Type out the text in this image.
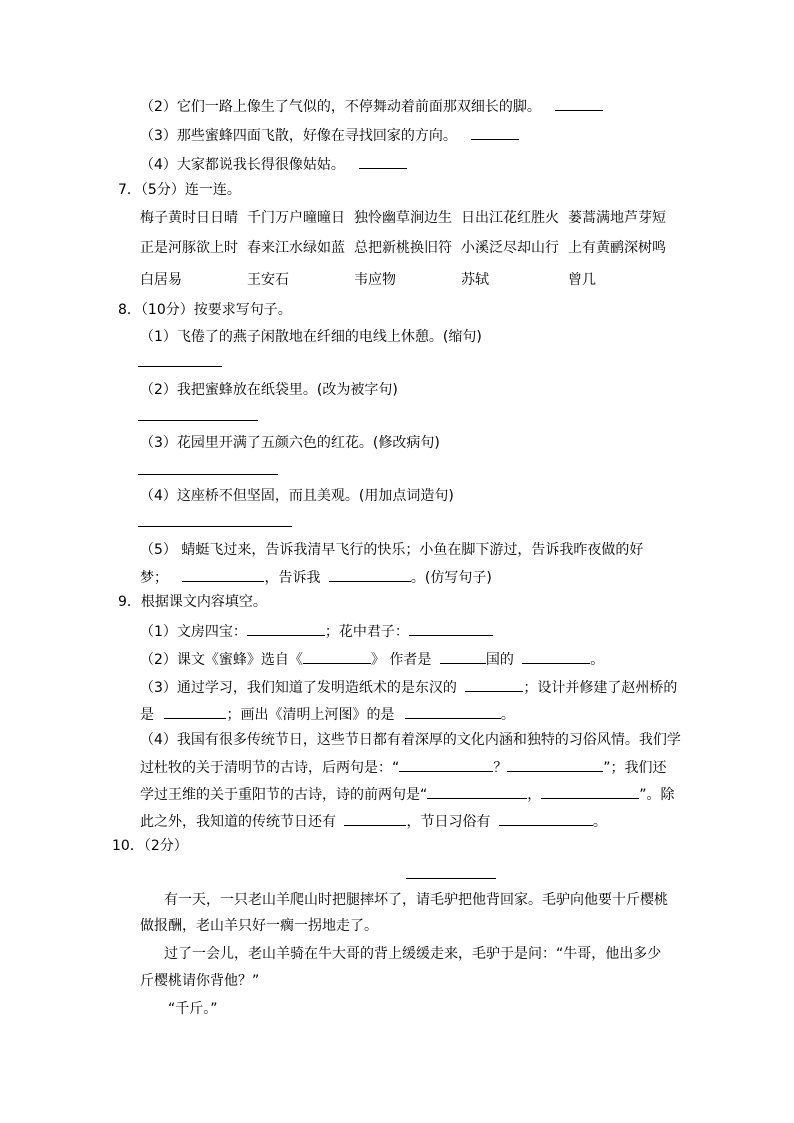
（2）它们一路上像生了气似的，不停舞动着前面那双细长的脚。
（3）那些蜜蜂四面飞散，好像在寻找回家的方向。
（4）大家都说我长得很像姑姑。
7．（5分）连一连。
梅子黄时日日晴 千门万户曈曈日 独怜幽草涧边生 日出江花红胜火 蒌蒿满地芦芽短
正是河豚欲上时 春来江水绿如蓝 总把新桃换旧符 小溪泛尽却山行 上有黄鹂深树鸣
白居易	王安石	韦应物	苏轼	曾几
8．（10分）按要求写句子。
（1）飞倦了的燕子闲散地在纤细的电线上休憩。(缩句)
（2）我把蜜蜂放在纸袋里。(改为被字句)
（3）花园里开满了五颜六色的红花。(修改病句)
（4）这座桥不但坚固，而且美观。(用加点词造句)
（5） 蜻蜓飞过来，告诉我清早飞行的快乐；小鱼在脚下游过，告诉我昨夜做的好
梦；	，告诉我	。(仿写句子)
9．根据课文内容填空。
（1）文房四宝：	；花中君子：
（2）课文《蜜蜂》选自《	》 作者是	国的	。
（3）通过学习，我们知道了发明造纸术的是东汉的	；设计并修建了赵州桥的
是	；画出《清明上河图》的是	。
（4）我国有很多传统节日，这些节日都有着深厚的文化内涵和独特的习俗风情。我们学
过杜牧的关于清明节的古诗，后两句是：“	？	”；我们还
学过王维的关于重阳节的古诗，诗的前两句是“	，	”。除
此之外，我知道的传统节日还有	，节日习俗有	。
10．（2分）
有一天，一只老山羊爬山时把腿摔坏了，请毛驴把他背回家。毛驴向他要十斤樱桃
做报酬，老山羊只好一瘸一拐地走了。
过了一会儿，老山羊骑在牛大哥的背上缓缓走来，毛驴于是问：“牛哥，他出多少
斤樱桃请你背他？”
“千斤。”
